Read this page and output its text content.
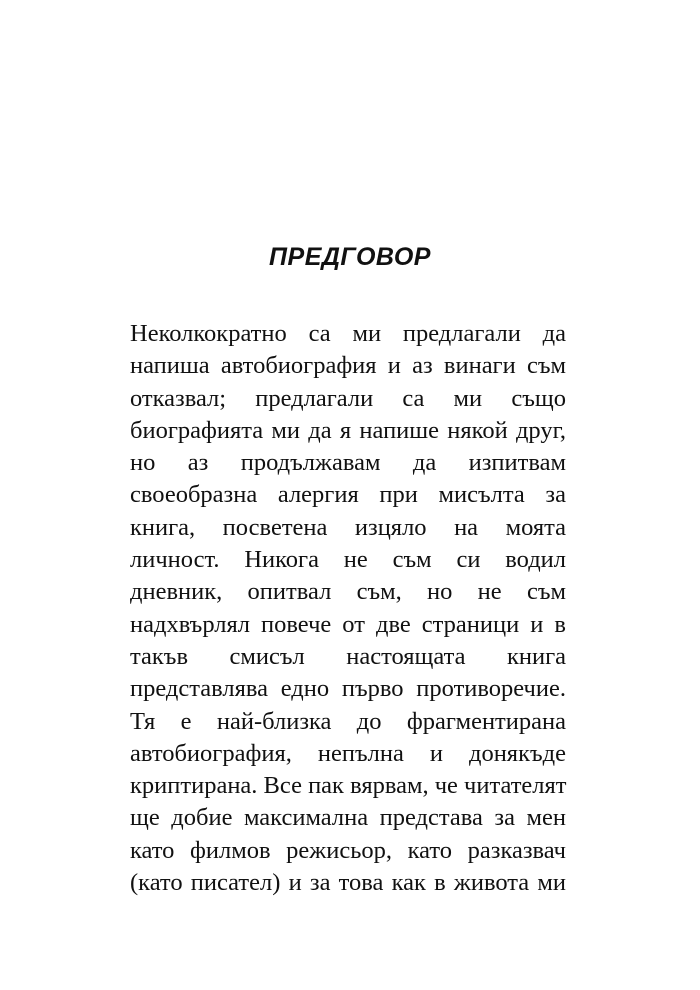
ПРЕДГОВОР
Неколкократно са ми предлагали да
напиша автобиография и аз винаги съм
отказвал; предлагали са ми също
биографията ми да я напише някой друг,
но аз продължавам да изпитвам
своеобразна алергия при мисълта за
книга, посветена изцяло на моята
личност. Никога не съм си водил
дневник, опитвал съм, но не съм
надхвърлял повече от две страници и в
такъв смисъл настоящата книга
представлява едно първо противоречие.
Тя е най-близка до фрагментирана
автобиография, непълна и донякъде
криптирана. Все пак вярвам, че читателят
ще добие максимална представа за мен
като филмов режисьор, като разказвач
(като писател) и за това как в живота ми
